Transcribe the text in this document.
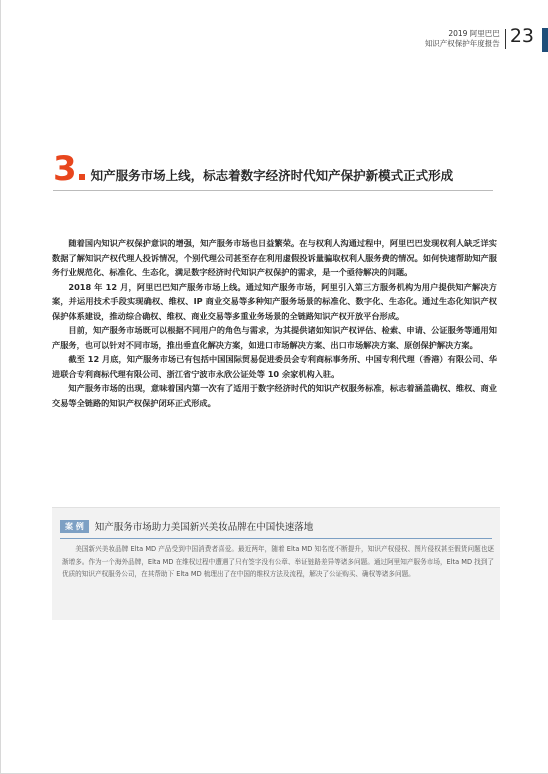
2019 阿里巴巴
知识产权保护年度报告 23
3 知产服务市场上线，标志着数字经济时代知产保护新模式正式形成

随着国内知识产权保护意识的增强，知产服务市场也日益繁荣。在与权利人沟通过程中，阿里巴巴发现权利人缺乏详实数据了解知识产权代理人投诉情况，个别代理公司甚至存在利用虚假投诉量骗取权利人服务费的情况。如何快速帮助知产服务行业规范化、标准化、生态化，满足数字经济时代知识产权保护的需求，是一个亟待解决的问题。

2018 年 12 月，阿里巴巴知产服务市场上线。通过知产服务市场，阿里引入第三方服务机构为用户提供知产解决方案，并运用技术手段实现确权、维权、IP 商业交易等多种知产服务场景的标准化、数字化、生态化。通过生态化知识产权保护体系建设，推动综合确权、维权、商业交易等多重业务场景的全链路知识产权开放平台形成。

目前，知产服务市场既可以根据不同用户的角色与需求，为其提供诸如知识产权评估、检索、申请、公证服务等通用知产服务，也可以针对不同市场，推出垂直化解决方案，如进口市场解决方案、出口市场解决方案、原创保护解决方案。

截至 12 月底，知产服务市场已有包括中国国际贸易促进委员会专利商标事务所、中国专利代理（香港）有限公司、华进联合专利商标代理有限公司、浙江省宁波市永欣公证处等 10 余家机构入驻。

知产服务市场的出现，意味着国内第一次有了适用于数字经济时代的知识产权服务标准，标志着涵盖确权、维权、商业交易等全链路的知识产权保护闭环正式形成。

案 例	知产服务市场助力美国新兴美妆品牌在中国快速落地

美国新兴美妆品牌 Elta MD 产品受到中国消费者喜爱。最近两年，随着 Elta MD 知名度不断提升，知识产权侵权、图片侵权甚至假货问题也逐渐增多。作为一个海外品牌，Elta MD 在维权过程中遭遇了只有签字没有公章、举证链路差异等诸多问题。通过阿里知产服务市场，Elta MD 找到了优质的知识产权服务公司，在其帮助下 Elta MD 梳理出了在中国的维权方法及流程，解决了公证购买、确权等诸多问题。
